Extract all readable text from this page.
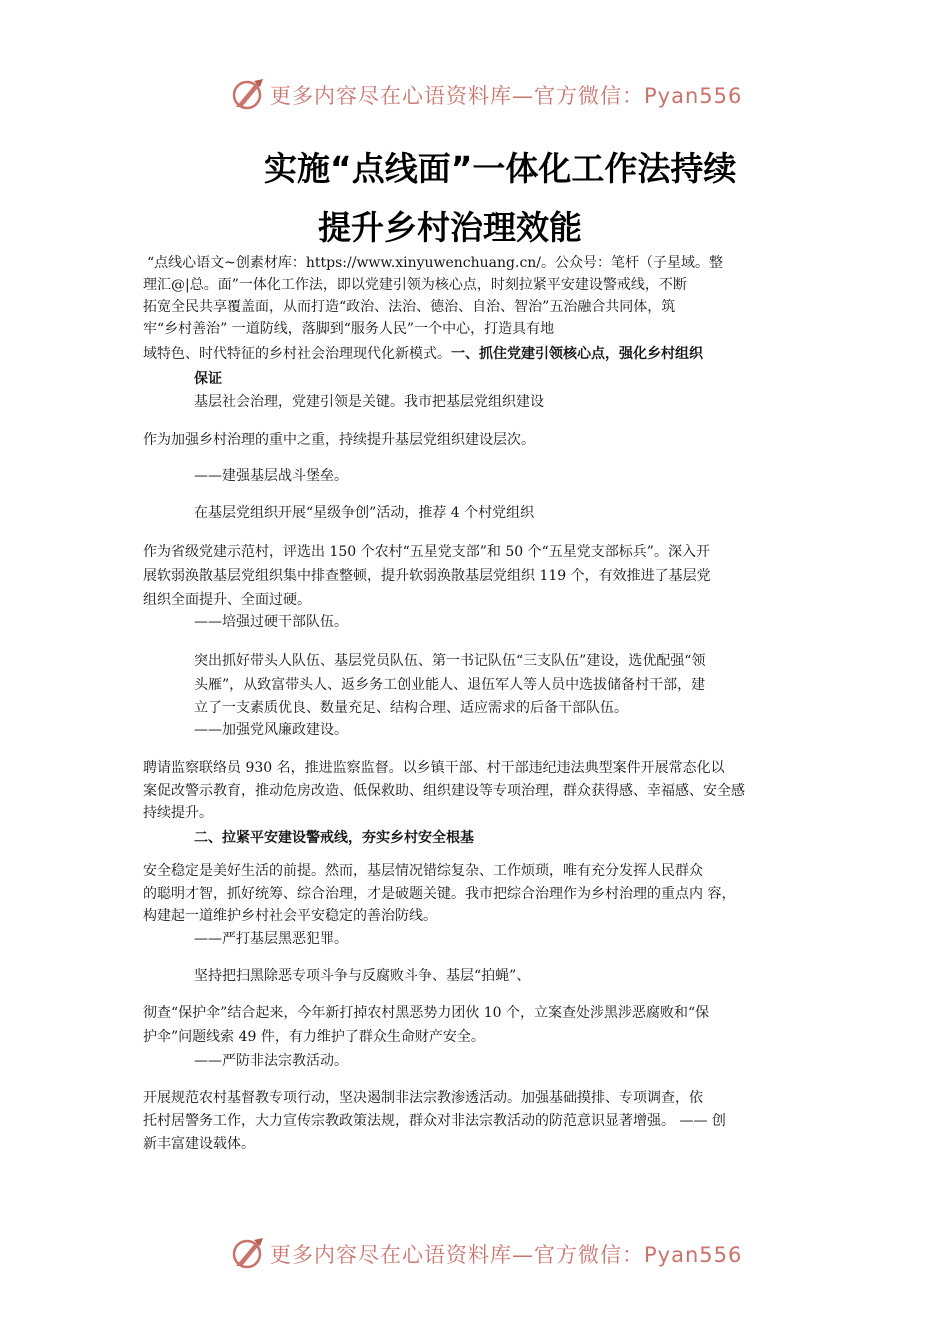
更多内容尽在心语资料库—官方微信：Pyan556
实施“点线面”一体化工作法持续
提升乡村治理效能
“点线心语文~创素材库：https://www.xinyuwenchuang.cn/。公众号：笔杆（子星域。整
理汇@|总。面”一体化工作法，即以党建引领为核心点，时刻拉紧平安建设警戒线，不断
拓宽全民共享覆盖面，从而打造“政治、法治、德治、自治、智治”五治融合共同体，筑
牢“乡村善治” 一道防线，落脚到“服务人民”一个中心，打造具有地
域特色、时代特征的乡村社会治理现代化新模式。一、抓住党建引领核心点，强化乡村组织
保证
基层社会治理，党建引领是关键。我市把基层党组织建设
作为加强乡村治理的重中之重，持续提升基层党组织建设层次。
——建强基层战斗堡垒。
在基层党组织开展“星级争创”活动，推荐 4 个村党组织
作为省级党建示范村，评选出 150 个农村“五星党支部”和 50 个“五星党支部标兵”。深入开
展软弱涣散基层党组织集中排查整顿，提升软弱涣散基层党组织 119 个，有效推进了基层党
组织全面提升、全面过硬。
——培强过硬干部队伍。
突出抓好带头人队伍、基层党员队伍、第一书记队伍“三支队伍”建设，选优配强“领
头雁”，从致富带头人、返乡务工创业能人、退伍军人等人员中选拔储备村干部，建
立了一支素质优良、数量充足、结构合理、适应需求的后备干部队伍。
——加强党风廉政建设。
聘请监察联络员 930 名，推进监察监督。以乡镇干部、村干部违纪违法典型案件开展常态化以
案促改警示教育，推动危房改造、低保救助、组织建设等专项治理，群众获得感、幸福感、安全感
持续提升。
二、拉紧平安建设警戒线，夯实乡村安全根基
安全稳定是美好生活的前提。然而，基层情况错综复杂、工作烦琐，唯有充分发挥人民群众
的聪明才智，抓好统筹、综合治理，才是破题关键。我市把综合治理作为乡村治理的重点内 容，
构建起一道维护乡村社会平安稳定的善治防线。
——严打基层黑恶犯罪。
坚持把扫黑除恶专项斗争与反腐败斗争、基层“拍蝇”、
彻查“保护伞”结合起来，今年新打掉农村黑恶势力团伙 10 个，立案查处涉黑涉恶腐败和“保
护伞”问题线索 49 件，有力维护了群众生命财产安全。
——严防非法宗教活动。
开展规范农村基督教专项行动，坚决遏制非法宗教渗透活动。加强基础摸排、专项调查，依
托村居警务工作，大力宣传宗教政策法规，群众对非法宗教活动的防范意识显著增强。 —— 创
新丰富建设载体。
更多内容尽在心语资料库—官方微信：Pyan556
